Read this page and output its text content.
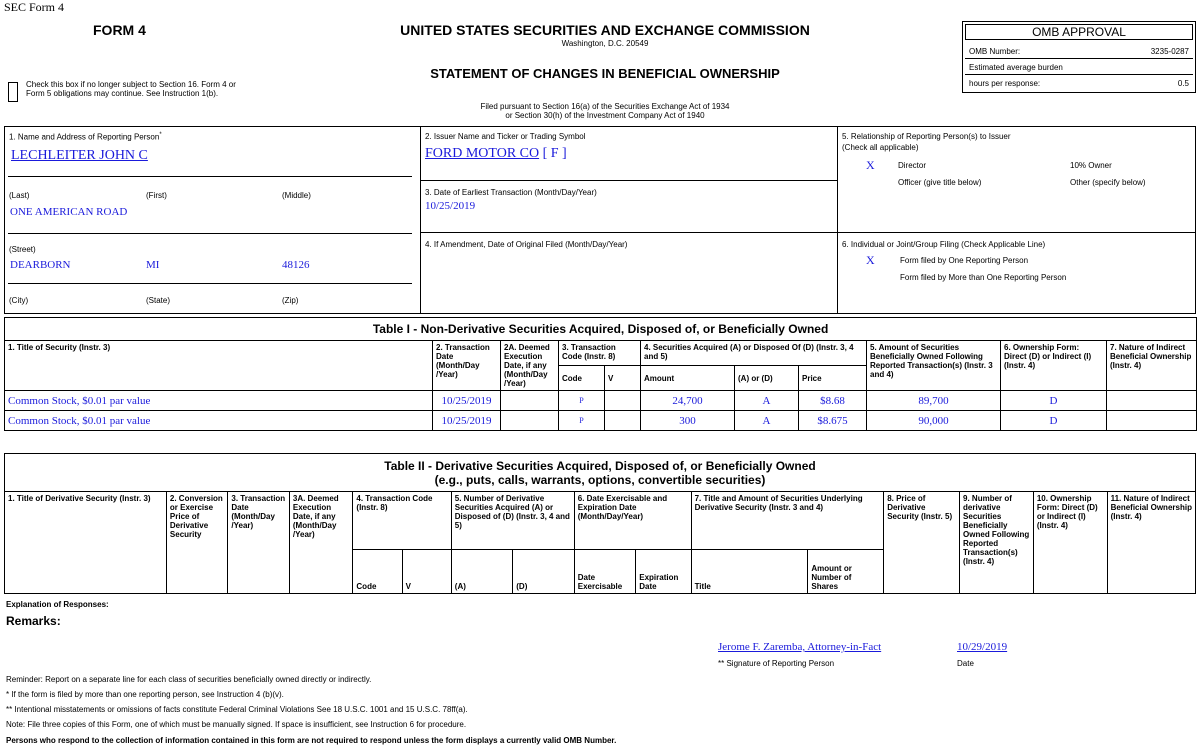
SEC Form 4
FORM 4
Check this box if no longer subject to Section 16. Form 4 or Form 5 obligations may continue. See Instruction 1(b).
UNITED STATES SECURITIES AND EXCHANGE COMMISSION
Washington, D.C. 20549
STATEMENT OF CHANGES IN BENEFICIAL OWNERSHIP
Filed pursuant to Section 16(a) of the Securities Exchange Act of 1934
or Section 30(h) of the Investment Company Act of 1940
OMB APPROVAL
OMB Number:	3235-0287
Estimated average burden
hours per response:	0.5
1. Name and Address of Reporting Person*
LECHLEITER JOHN C
(Last)	(First)	(Middle)
ONE AMERICAN ROAD
(Street)
DEARBORN	MI	48126
(City)	(State)	(Zip)
2. Issuer Name and Ticker or Trading Symbol
FORD MOTOR CO [ F ]
3. Date of Earliest Transaction (Month/Day/Year)
10/25/2019
4. If Amendment, Date of Original Filed (Month/Day/Year)
5. Relationship of Reporting Person(s) to Issuer
(Check all applicable)
X	Director	10% Owner
Officer (give title below)	Other (specify below)
6. Individual or Joint/Group Filing (Check Applicable Line)
X	Form filed by One Reporting Person
Form filed by More than One Reporting Person
Table I - Non-Derivative Securities Acquired, Disposed of, or Beneficially Owned										
1. Title of Security (Instr. 3)	2. Transaction Date (Month/Day /Year)	2A. Deemed Execution Date, if any (Month/Day /Year)	3. Transaction Code (Instr. 8)		4. Securities Acquired (A) or Disposed Of (D) (Instr. 3, 4 and 5)			5. Amount of Securities Beneficially Owned Following Reported Transaction(s) (Instr. 3 and 4)	6. Ownership Form: Direct (D) or Indirect (I) (Instr. 4)	7. Nature of Indirect Beneficial Ownership (Instr. 4)
			Code	V	Amount	(A) or (D)	Price			
Common Stock, $0.01 par value	10/25/2019		P		24,700	A	$8.68	89,700	D	
Common Stock, $0.01 par value	10/25/2019		P		300	A	$8.675	90,000	D	
Table II - Derivative Securities Acquired, Disposed of, or Beneficially Owned
(e.g., puts, calls, warrants, options, convertible securities)															

1. Title of Derivative Security (Instr. 3)	2. Conversion or Exercise Price of Derivative Security	3. Transaction Date (Month/Day /Year)	3A. Deemed Execution Date, if any (Month/Day /Year)	4. Transaction Code (Instr. 8)		5. Number of Derivative Securities Acquired (A) or Disposed of (D) (Instr. 3, 4 and 5)		6. Date Exercisable and Expiration Date (Month/Day/Year)		7. Title and Amount of Securities Underlying Derivative Security (Instr. 3 and 4)		8. Price of Derivative Security (Instr. 5)	9. Number of derivative Securities Beneficially Owned Following Reported Transaction(s) (Instr. 4)	10. Ownership Form: Direct (D) or Indirect (I) (Instr. 4)	11. Nature of Indirect Beneficial Ownership (Instr. 4)
				Code	V	(A)	(D)	Date Exercisable	Expiration Date	Title	Amount or Number of Shares				
Explanation of Responses:
Remarks:
Jerome F. Zaremba, Attorney-in-Fact
** Signature of Reporting Person
10/29/2019
Date
Reminder: Report on a separate line for each class of securities beneficially owned directly or indirectly.
* If the form is filed by more than one reporting person, see Instruction 4 (b)(v).
** Intentional misstatements or omissions of facts constitute Federal Criminal Violations See 18 U.S.C. 1001 and 15 U.S.C. 78ff(a).
Note: File three copies of this Form, one of which must be manually signed. If space is insufficient, see Instruction 6 for procedure.
Persons who respond to the collection of information contained in this form are not required to respond unless the form displays a currently valid OMB Number.
